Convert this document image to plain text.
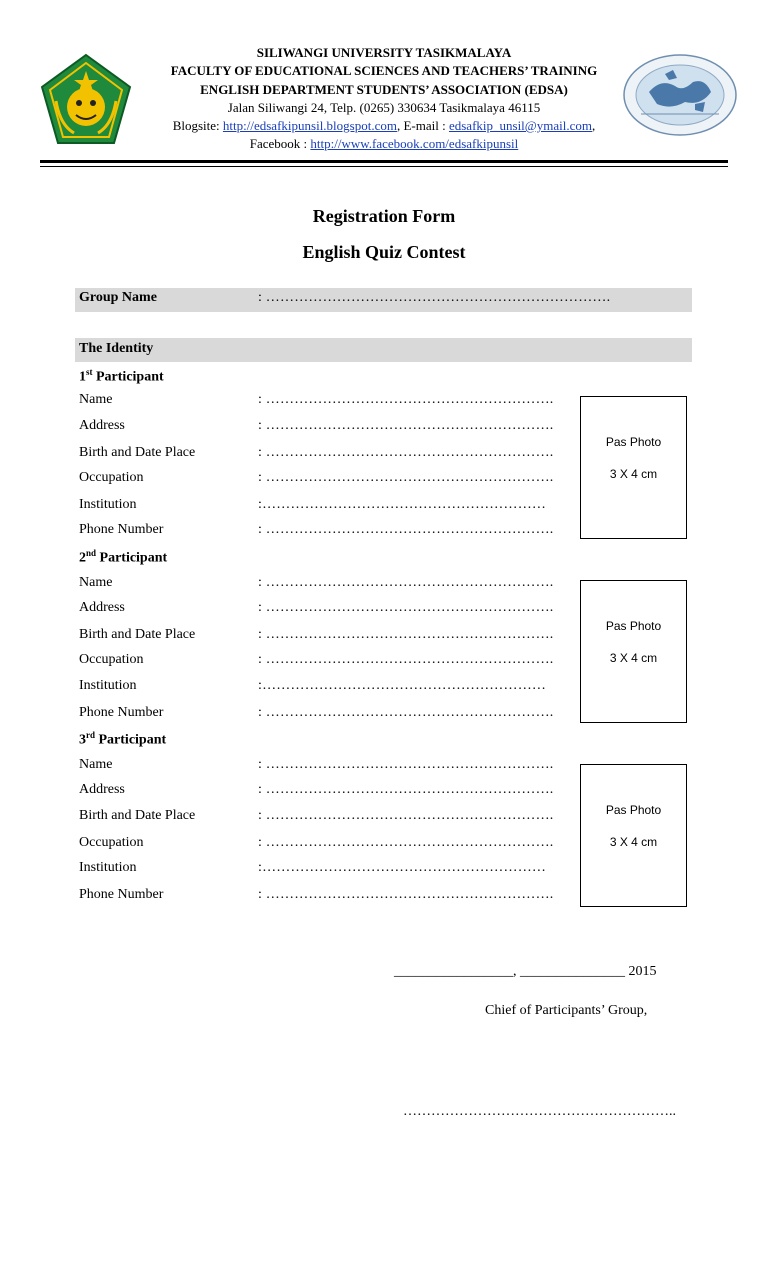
SILIWANGI UNIVERSITY TASIKMALAYA
FACULTY OF EDUCATIONAL SCIENCES AND TEACHERS’ TRAINING
ENGLISH DEPARTMENT STUDENTS’ ASSOCIATION (EDSA)
Jalan Siliwangi 24, Telp. (0265) 330634 Tasikmalaya 46115
Blogsite: http://edsafkipunsil.blogspot.com, E-mail : edsafkip_unsil@ymail.com,
Facebook : http://www.facebook.com/edsafkipunsil
Registration Form
English Quiz Contest
Group Name	: ……………………………………………………………….
The Identity
1st Participant
Name	: …………………………………………………….
Address	: …………………………………………………….
Birth and Date Place	: …………………………………………………….
Occupation	: …………………………………………………….
Institution	:……………………………………………………
Phone Number	: …………………………………………………….
Pas Photo
3 X 4 cm
2nd Participant
Name	: …………………………………………………….
Address	: …………………………………………………….
Birth and Date Place	: …………………………………………………….
Occupation	: …………………………………………………….
Institution	:……………………………………………………
Phone Number	: …………………………………………………….
Pas Photo
3 X 4 cm
3rd Participant
Name	: …………………………………………………….
Address	: …………………………………………………….
Birth and Date Place	: …………………………………………………….
Occupation	: …………………………………………………….
Institution	:……………………………………………………
Phone Number	: …………………………………………………….
Pas Photo
3 X 4 cm
_________________, _______________ 2015
Chief of Participants’ Group,
…………………………………………………..
